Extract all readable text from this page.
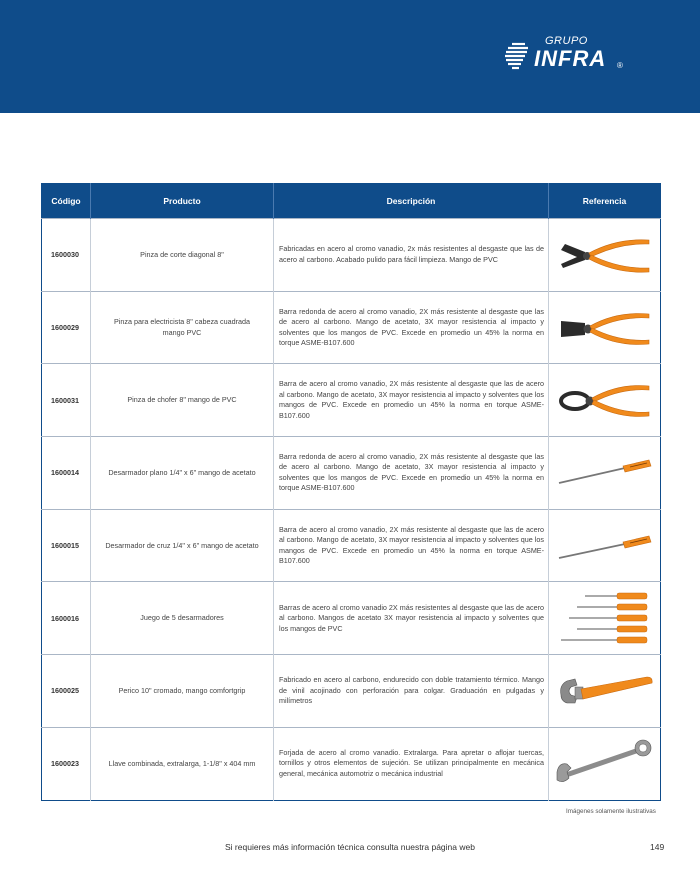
GRUPO
INFRA ®
Código	Producto	Descripción	Referencia
1600030	Pinza de corte diagonal 8"	Fabricadas en acero al cromo vanadio, 2x más resistentes al desgaste que las de acero al carbono. Acabado pulido para fácil limpieza. Mango de PVC	

1600029	Pinza para electricista 8" cabeza cuadrada mango PVC	Barra redonda de acero al cromo vanadio, 2X más resistente al desgaste que las de acero al carbono. Mango de acetato, 3X mayor resistencia al impacto y solventes que los mangos de PVC. Excede en promedio un 45% la norma en torque ASME-B107.600	

1600031	Pinza de chofer 8" mango de PVC	Barra de acero al cromo vanadio, 2X más resistente al desgaste que las de acero al carbono. Mango de acetato, 3X mayor resistencia al impacto y solventes que los mangos de PVC. Excede en promedio un 45% la norma en torque ASME-B107.600	

1600014	Desarmador plano 1/4" x 6" mango de acetato	Barra redonda de acero al cromo vanadio, 2X más resistente al desgaste que las de acero al carbono. Mango de acetato, 3X mayor resistencia al impacto y solventes que los mangos de PVC. Excede en promedio un 45% la norma en torque ASME-B107.600	

1600015	Desarmador de cruz 1/4" x 6" mango de acetato	Barra de acero al cromo vanadio, 2X más resistente al desgaste que las de acero al carbono. Mango de acetato, 3X mayor resistencia al impacto y solventes que los mangos de PVC. Excede en promedio un 45% la norma en torque ASME-B107.600	

1600016	Juego de 5 desarmadores	Barras de acero al cromo vanadio 2X más resistentes al desgaste que las de acero al carbono. Mangos de acetato 3X mayor resistencia al impacto y solventes que los mangos de PVC	

1600025	Perico 10" cromado, mango comfortgrip	Fabricado en acero al carbono, endurecido con doble tratamiento térmico. Mango de vinil acojinado con perforación para colgar. Graduación en pulgadas y milímetros	

1600023	Llave combinada, extralarga, 1-1/8" x 404 mm	Forjada de acero al cromo vanadio. Extralarga. Para apretar o aflojar tuercas, tornillos y otros elementos de sujeción. Se utilizan principalmente en mecánica general, mecánica automotriz o mecánica industrial	
Imágenes solamente ilustrativas
Si requieres más información técnica consulta nuestra página web	149
